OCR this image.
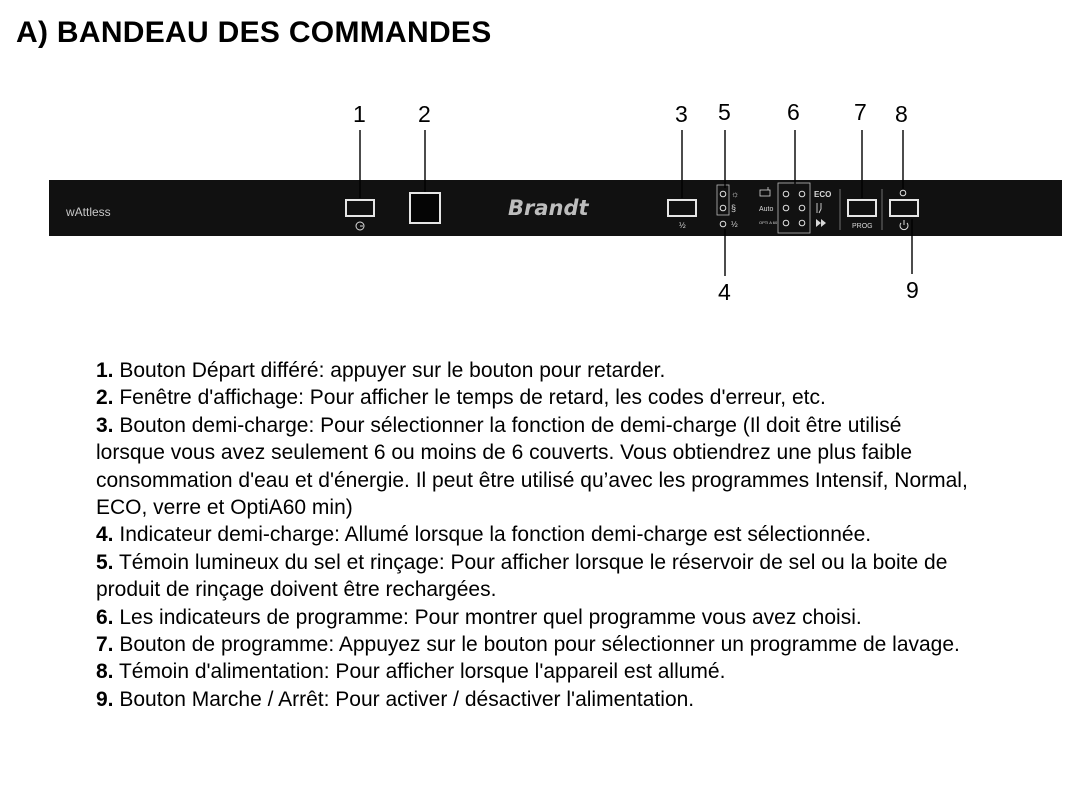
A) BANDEAU DES COMMANDES
wAttless	Brandt
½
☼
§
½
Auto
OPTI A 60
ECO
PROG
1 2	3
4
5 6 7 8
9
1. Bouton Départ différé: appuyer sur le bouton pour retarder.
2. Fenêtre d'affichage: Pour afficher le temps de retard, les codes d'erreur, etc.
3. Bouton demi-charge: Pour sélectionner la fonction de demi-charge (Il doit être utilisé lorsque vous avez seulement 6 ou moins de 6 couverts. Vous obtiendrez une plus faible consommation d'eau et d'énergie. Il peut être utilisé qu’avec les programmes Intensif, Normal, ECO, verre et OptiA60 min)
4. Indicateur demi-charge: Allumé lorsque la fonction demi-charge est sélectionnée.
5. Témoin lumineux du sel et rinçage: Pour afficher lorsque le réservoir de sel ou la boite de produit de rinçage doivent être rechargées.
6. Les indicateurs de programme: Pour montrer quel programme vous avez choisi.
7. Bouton de programme: Appuyez sur le bouton pour sélectionner un programme de lavage.
8. Témoin d'alimentation: Pour afficher lorsque l'appareil est allumé.
9. Bouton Marche / Arrêt: Pour activer / désactiver l'alimentation.
